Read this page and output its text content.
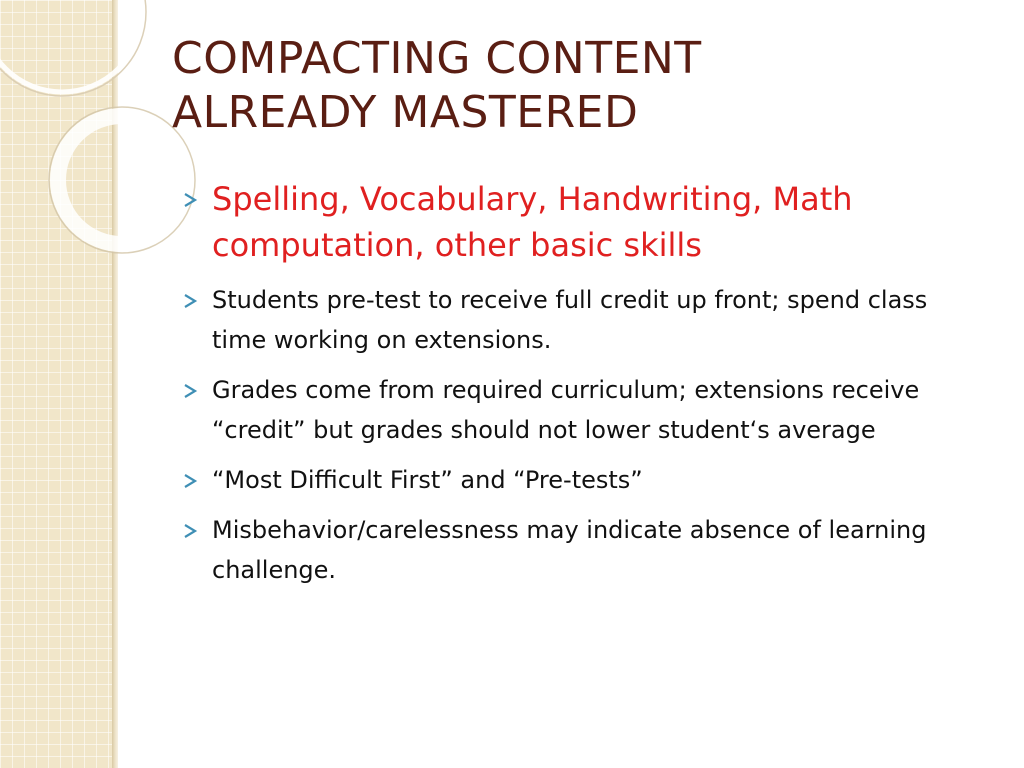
COMPACTING CONTENT
ALREADY MASTERED
Spelling, Vocabulary, Handwriting, Math computation, other basic skills
Students pre-test to receive full credit up front; spend class time working on extensions.
Grades come from required curriculum; extensions receive “credit” but grades should not lower student‘s average
“Most Difficult First” and “Pre-tests”
Misbehavior/carelessness may indicate absence of learning challenge.
